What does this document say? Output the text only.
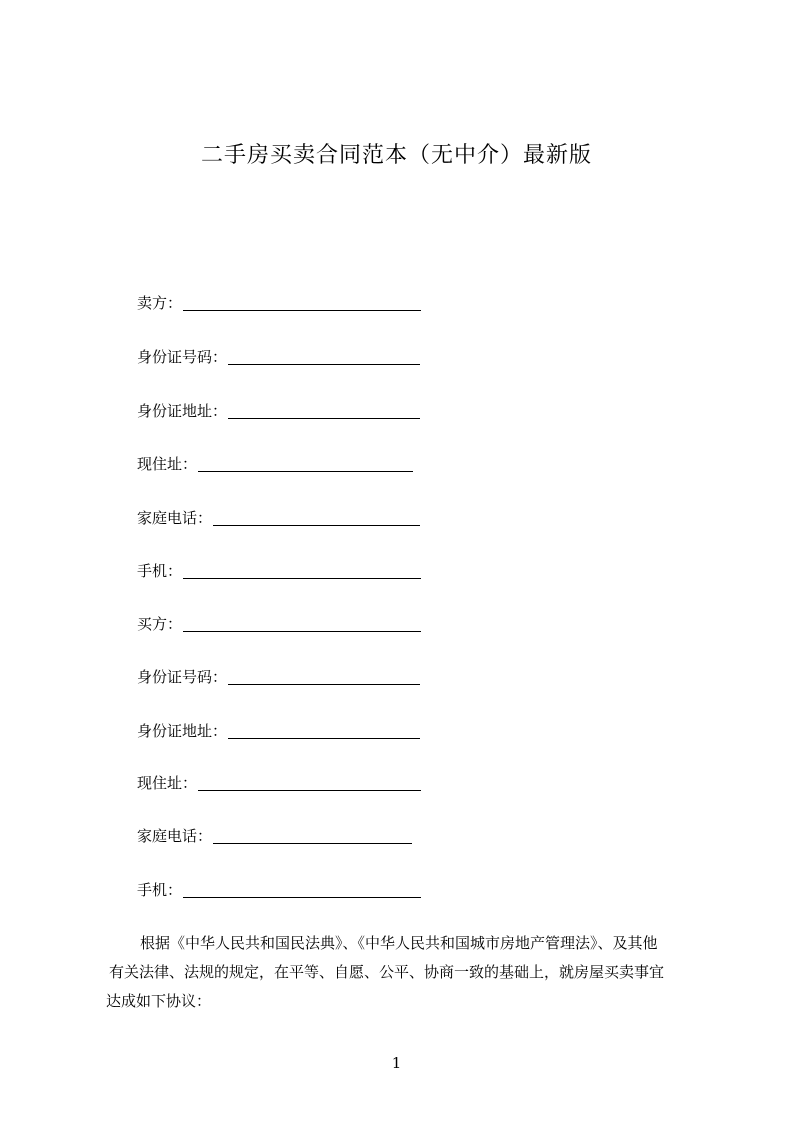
二手房买卖合同范本（无中介）最新版
卖方：
身份证号码：
身份证地址：
现住址：
家庭电话：
手机：
买方：
身份证号码：
身份证地址：
现住址：
家庭电话：
手机：
根据《中华人民共和国民法典》、《中华人民共和国城市房地产管理法》、及其他
有关法律、法规的规定，在平等、自愿、公平、协商一致的基础上，就房屋买卖事宜
达成如下协议：
1
